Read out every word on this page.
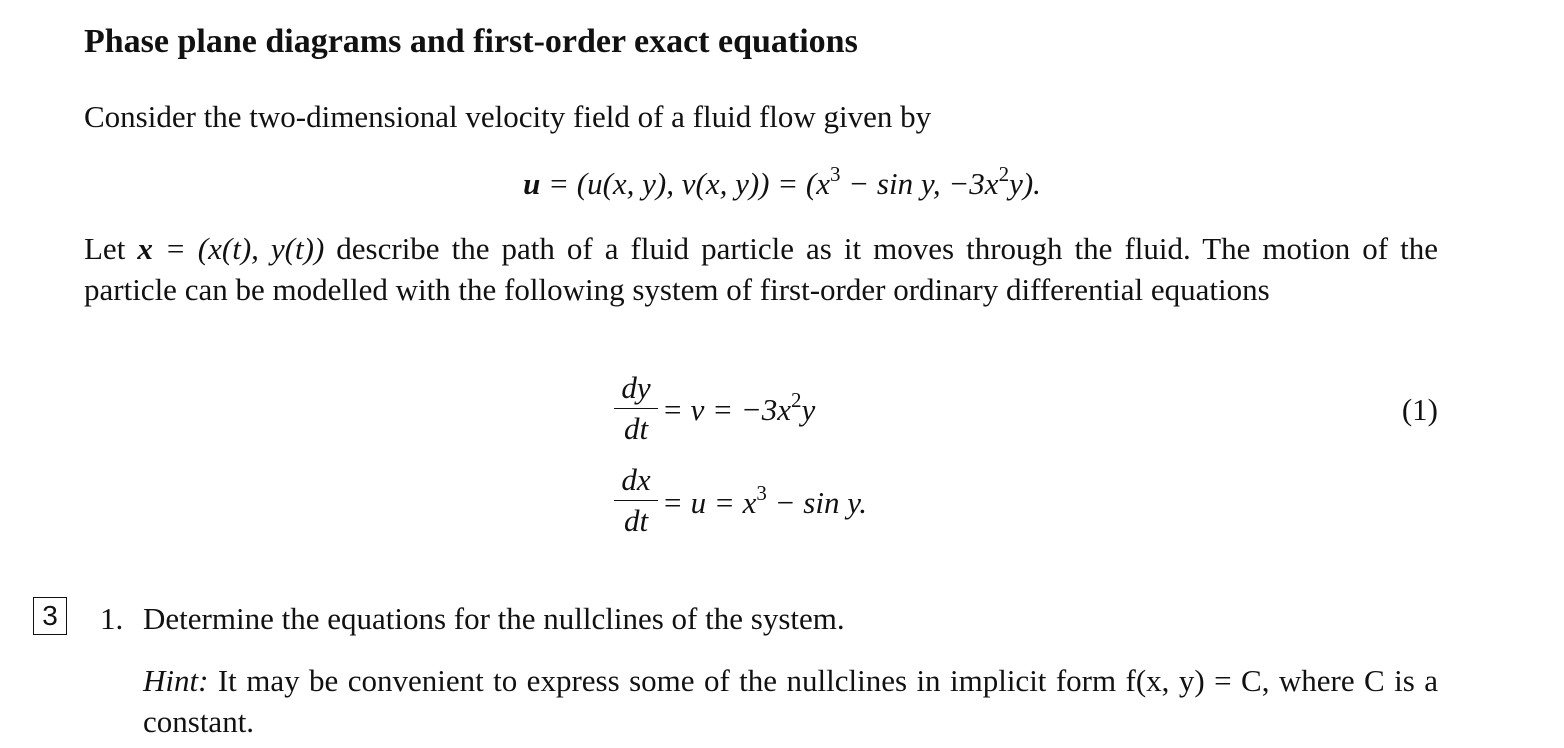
Phase plane diagrams and first-order exact equations

Consider the two-dimensional velocity field of a fluid flow given by

u = (u(x, y), v(x, $y)) = (x^3 - \sin y$, $-3x^2y$).

Let x = (x(t), y(t)) describe the path of a fluid particle as it moves through the fluid. The motion of the particle can be modelled with the following system of first-order ordinary differential equations

dy
dt
= $v = -3x^2y$	(1)
dx
dt
= $u = x^3 - \sin y$.
3 1. Determine the equations for the nullclines of the system.

Hint: It may be convenient to express some of the nullclines in implicit form f(x, y) = C, where C is a constant.
